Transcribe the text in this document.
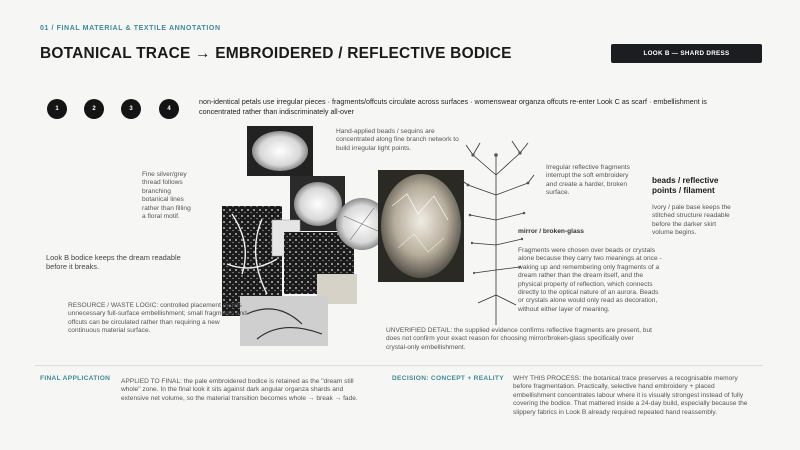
01 / FINAL MATERIAL & TEXTILE ANNOTATION
BOTANICAL TRACE → EMBROIDERED / REFLECTIVE BODICE	LOOK B — SHARD DRESS
1	2	3	4
non-identical petals use irregular pieces · fragments/offcuts circulate across surfaces · womenswear organza offcuts re-enter Look C as scarf · embellishment is concentrated rather than indiscriminately all-over
Fine silver/grey thread follows branching botanical lines rather than filling a floral motif.
Hand-applied beads / sequins are concentrated along fine branch network to build irregular light points.
Irregular reflective fragments interrupt the soft embroidery and create a harder, broken surface.
beads / reflective points / filament
Ivory / pale base keeps the stitched structure readable before the darker skirt volume begins.
mirror / broken-glass
Fragments were chosen over beads or crystals alone because they carry two meanings at once - waking up and remembering only fragments of a dream rather than the dream itself, and the physical property of reflection, which connects directly to the optical nature of an aurora. Beads or crystals alone would only read as decoration, without either layer of meaning.
Look B bodice keeps the dream readable before it breaks.
RESOURCE / WASTE LOGIC: controlled placement avoids unnecessary full-surface embellishment; small fragments and offcuts can be circulated rather than requiring a new continuous material surface.	UNVERIFIED DETAIL: the supplied evidence confirms reflective fragments are present, but does not confirm your exact reason for choosing mirror/broken-glass specifically over crystal-only embellishment.
FINAL APPLICATION APPLIED TO FINAL: the pale embroidered bodice is retained as the "dream still whole" zone. In the final look it sits against dark angular organza shards and extensive net volume, so the material transition becomes whole → break → fade.
DECISION: CONCEPT + REALITY WHY THIS PROCESS: the botanical trace preserves a recognisable memory before fragmentation. Practically, selective hand embroidery + placed embellishment concentrates labour where it is visually strongest instead of fully covering the bodice. That mattered inside a 24-day build, especially because the slippery fabrics in Look B already required repeated hand reassembly.
